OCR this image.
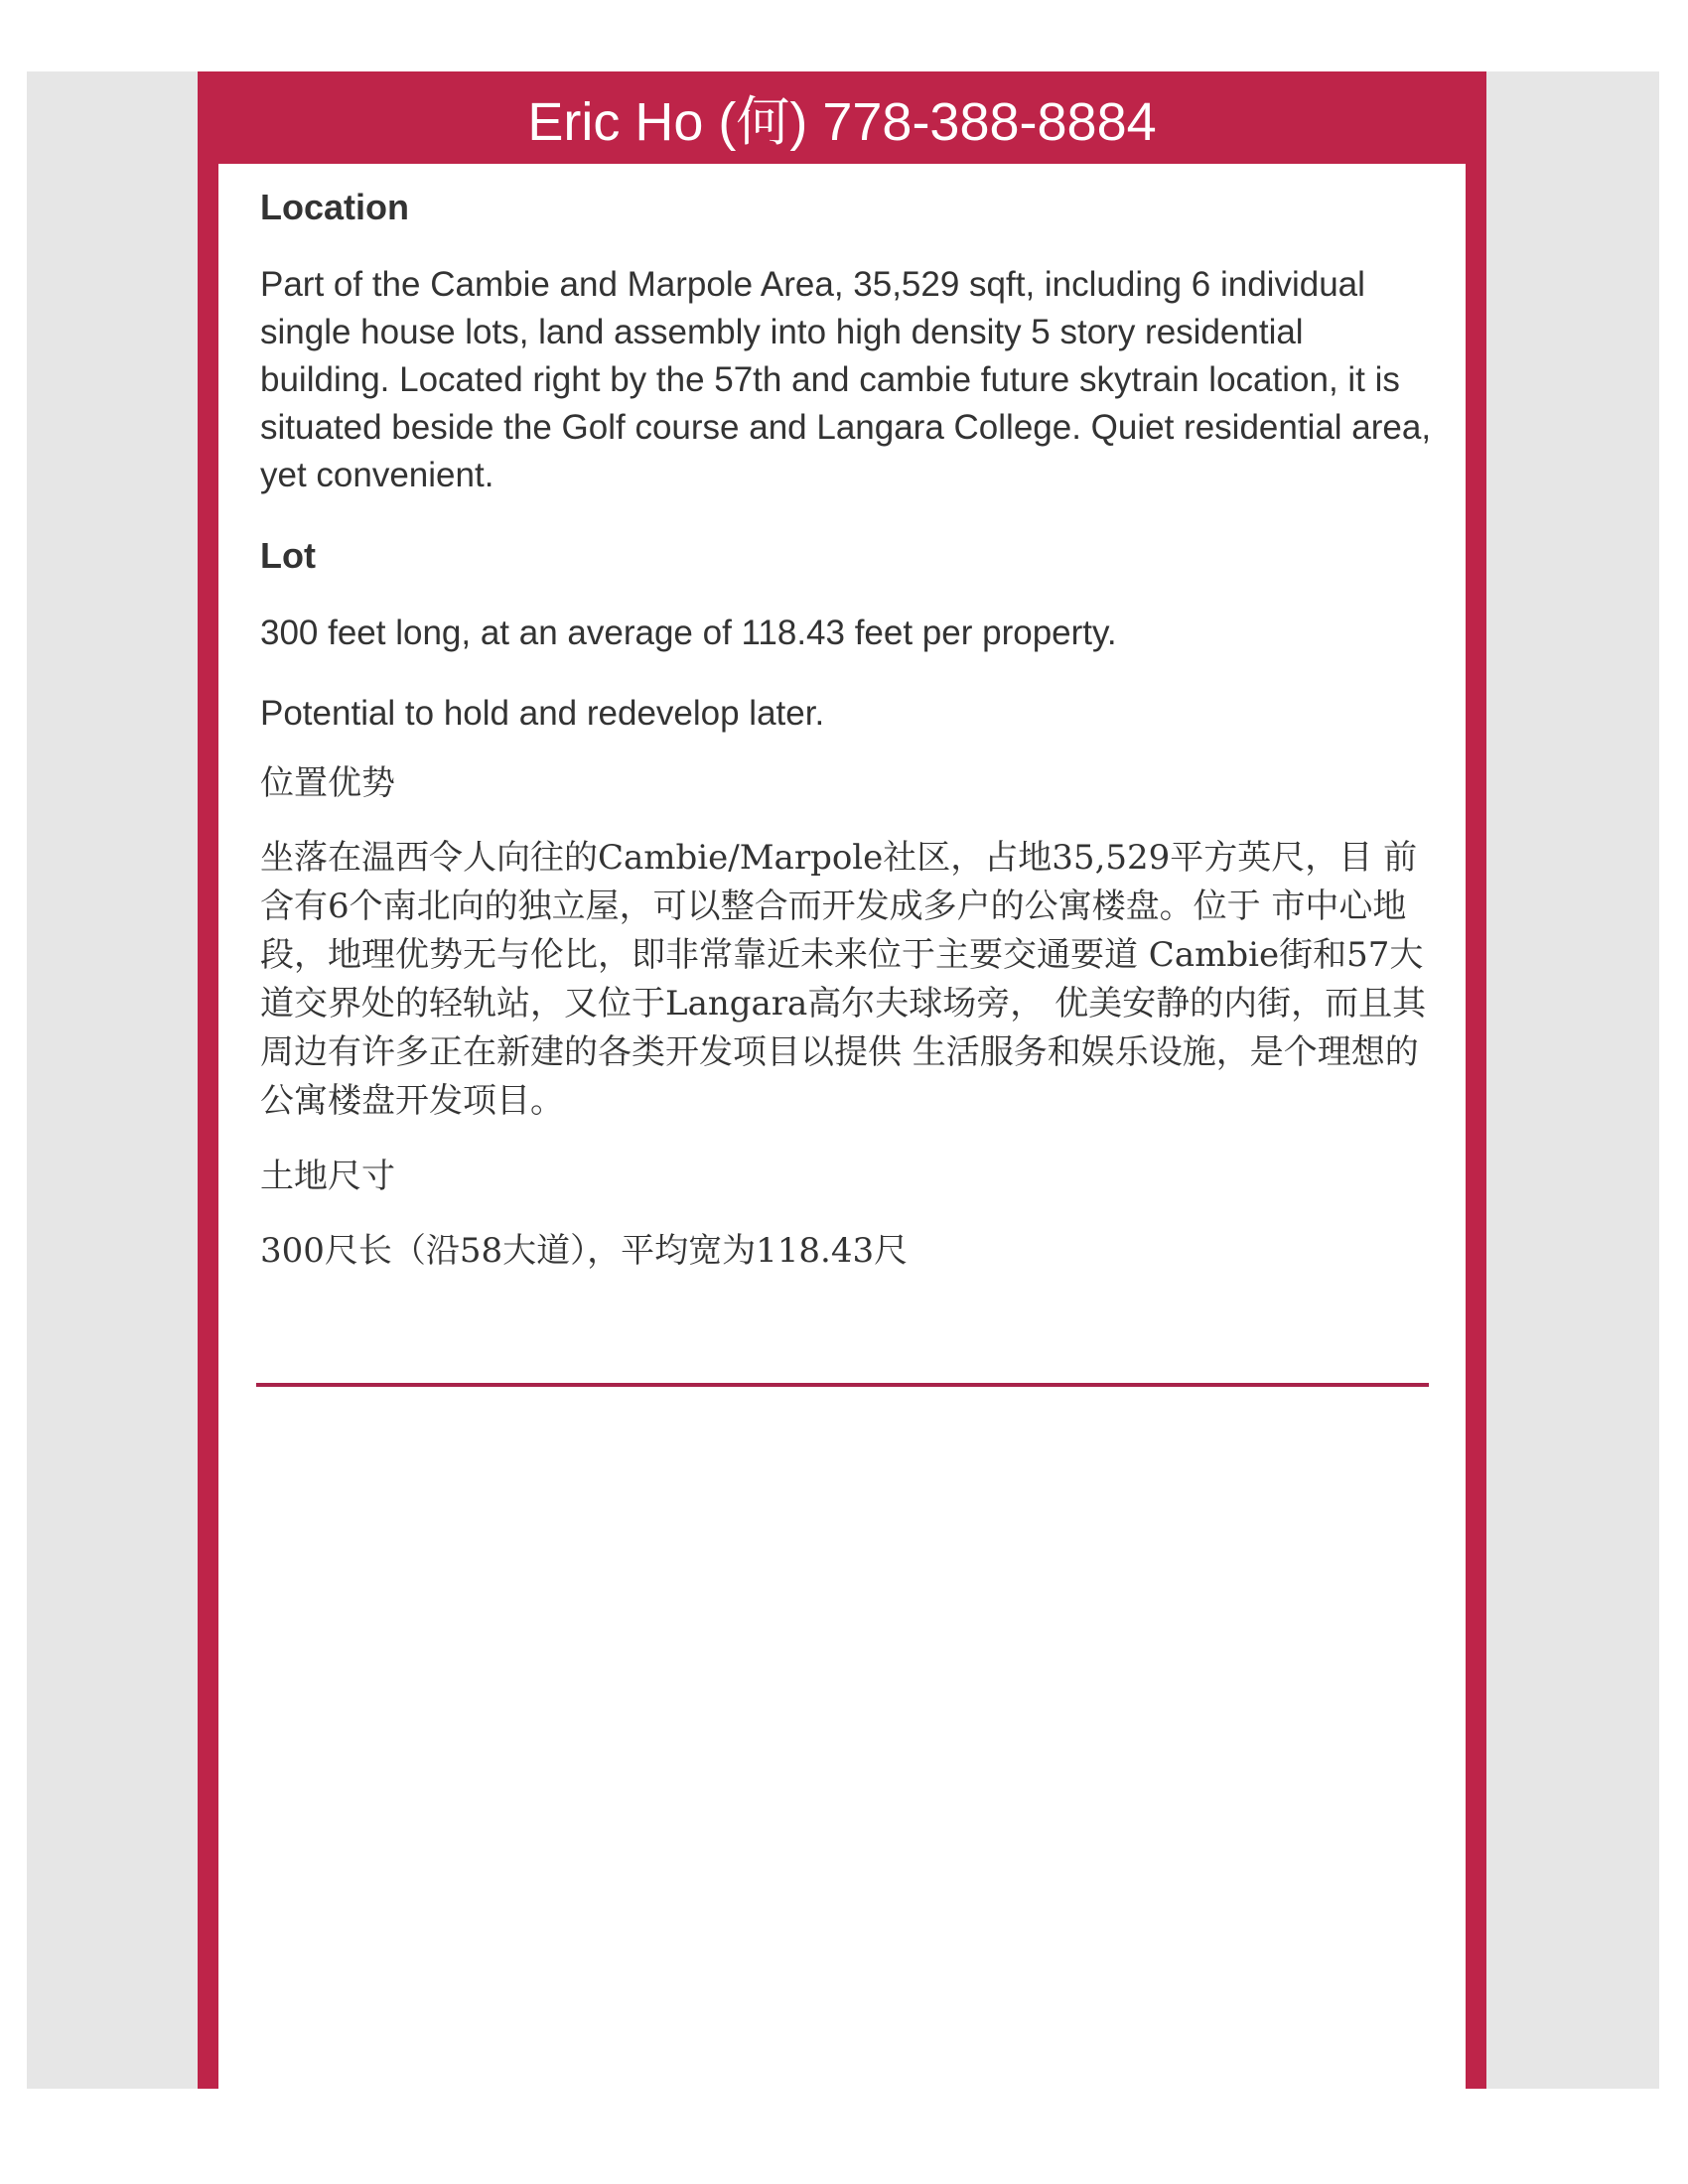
Eric Ho (何) 778-388-8884
Location
Part of the Cambie and Marpole Area, 35,529 sqft, including 6 individual single house lots, land assembly into high density 5 story residential building. Located right by the 57th and cambie future skytrain location, it is situated beside the Golf course and Langara College. Quiet residential area, yet convenient.
Lot
300 feet long, at an average of 118.43 feet per property.
Potential to hold and redevelop later.
位置优势
坐落在温西令人向往的Cambie/Marpole社区，占地35,529平方英尺，目 前含有6个南北向的独立屋，可以整合而开发成多户的公寓楼盘。位于 市中心地段，地理优势无与伦比，即非常靠近未来位于主要交通要道 Cambie街和57大道交界处的轻轨站，又位于Langara高尔夫球场旁， 优美安静的内街，而且其周边有许多正在新建的各类开发项目以提供 生活服务和娱乐设施，是个理想的公寓楼盘开发项目。
土地尺寸
300尺长（沿58大道），平均宽为118.43尺
